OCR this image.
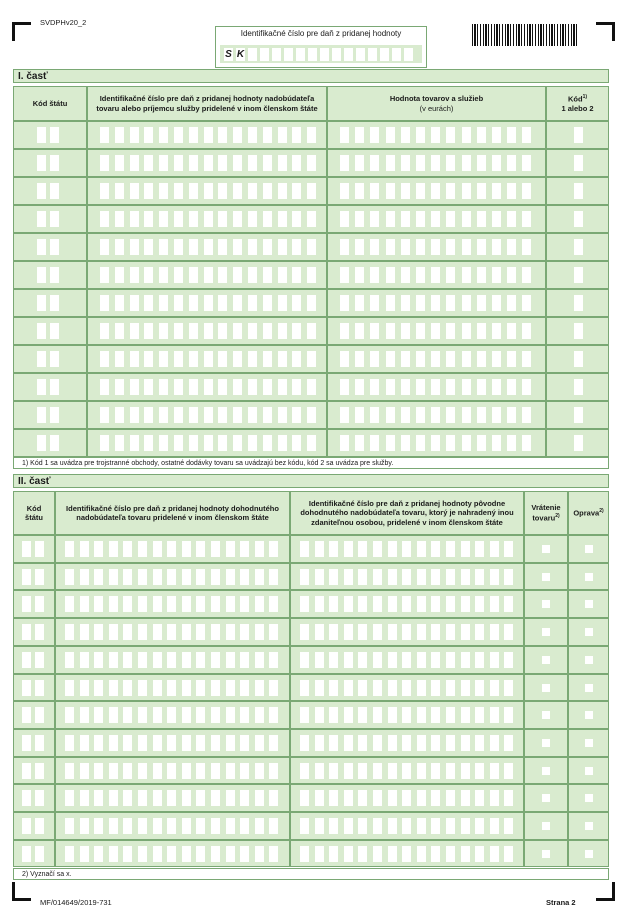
SVDPHv20_2
Identifikačné číslo pre daň z pridanej hodnoty
S K
I. časť
Kód štátu
Identifikačné číslo pre daň z pridanej hodnoty nadobúdateľa tovaru alebo príjemcu služby pridelené v inom členskom štáte
Hodnota tovarov a služieb
(v eurách)
Kód$^{1)}$
1 alebo 2
1) Kód 1 sa uvádza pre trojstranné obchody, ostatné dodávky tovaru sa uvádzajú bez kódu, kód 2 sa uvádza pre služby.
II. časť
Kód štátu
Identifikačné číslo pre daň z pridanej hodnoty dohodnutého nadobúdateľa tovaru pridelené v inom členskom štáte
Identifikačné číslo pre daň z pridanej hodnoty pôvodne dohodnutého nadobúdateľa tovaru, ktorý je nahradený inou zdaniteľnou osobou, pridelené v inom členskom štáte
Vrátenie tovaru$^{2)}$	Oprava$^{2)}$
2) Vyznačí sa x.
MF/014649/2019-731	Strana 2
